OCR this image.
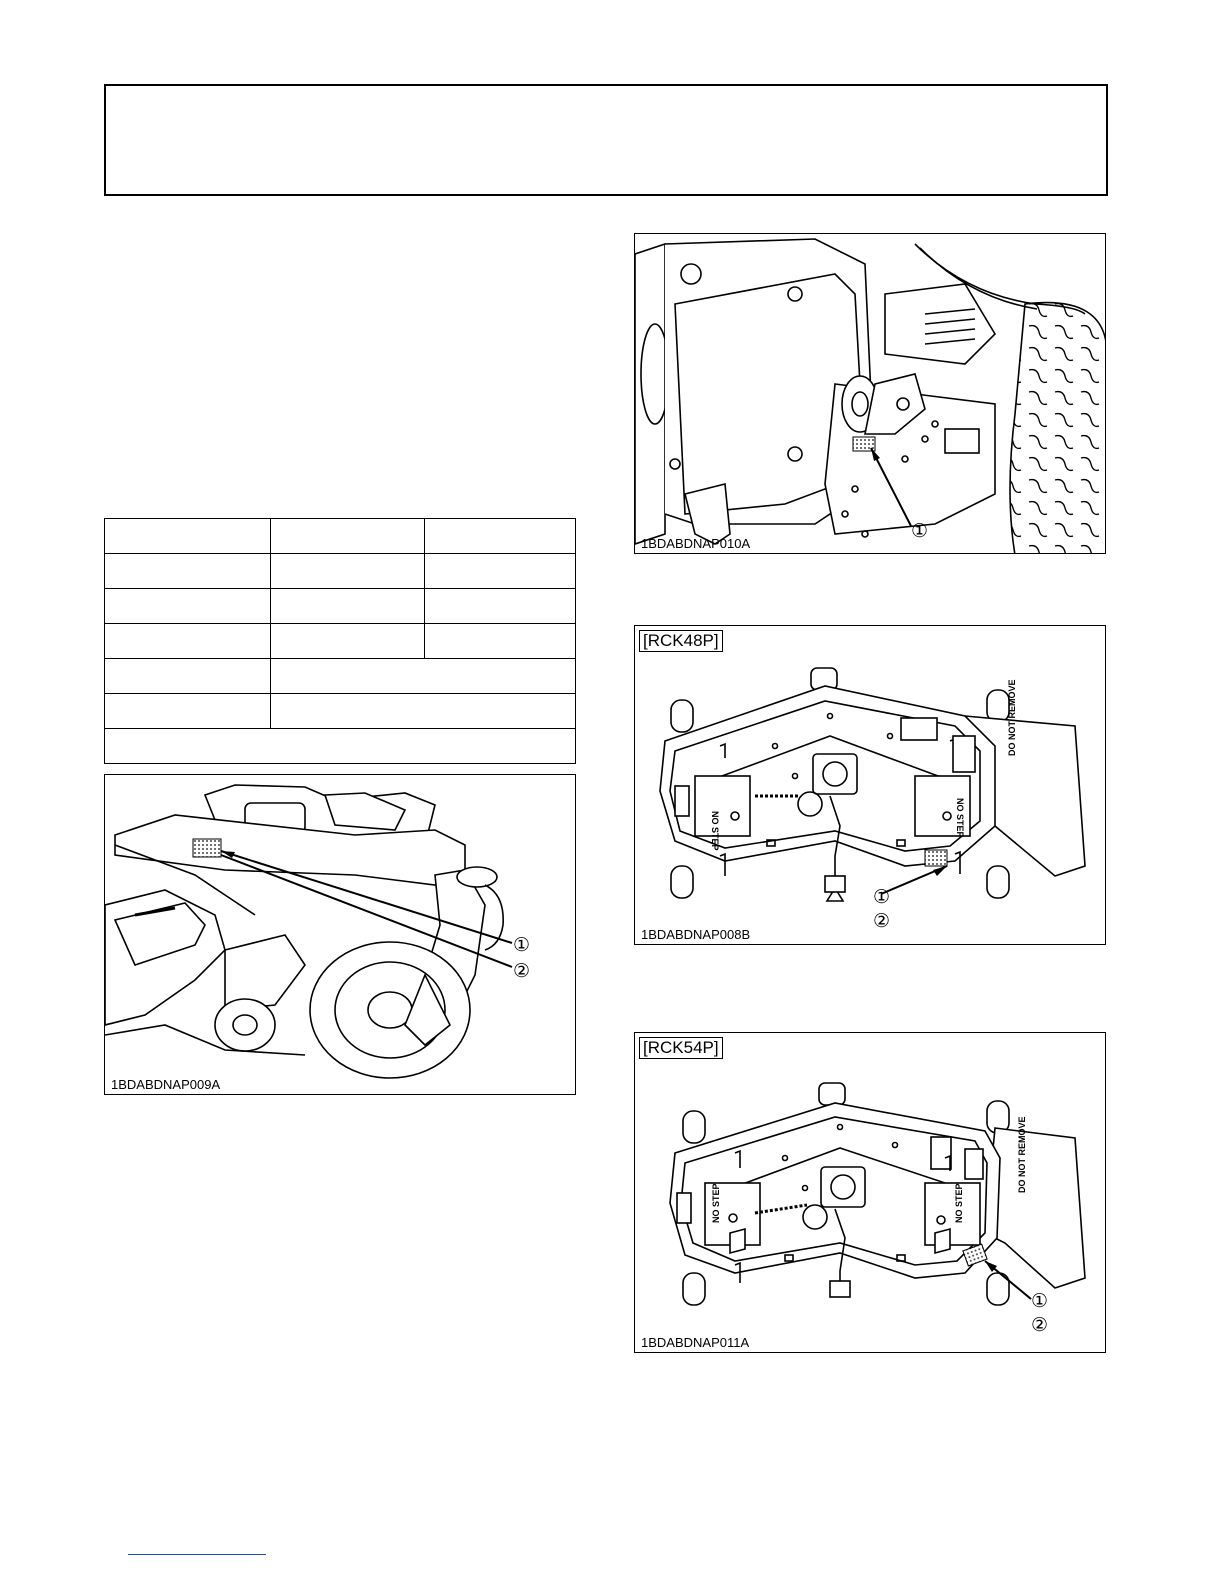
①
②
1BDABDNAP009A
①
1BDABDNAP010A
[RCK48P]
NO STEP	NO STEP
DO NOT REMOVE
①
②
1BDABDNAP008B
[RCK54P]
NO STEP	NO STEP
DO NOT REMOVE
①
②
1BDABDNAP011A
